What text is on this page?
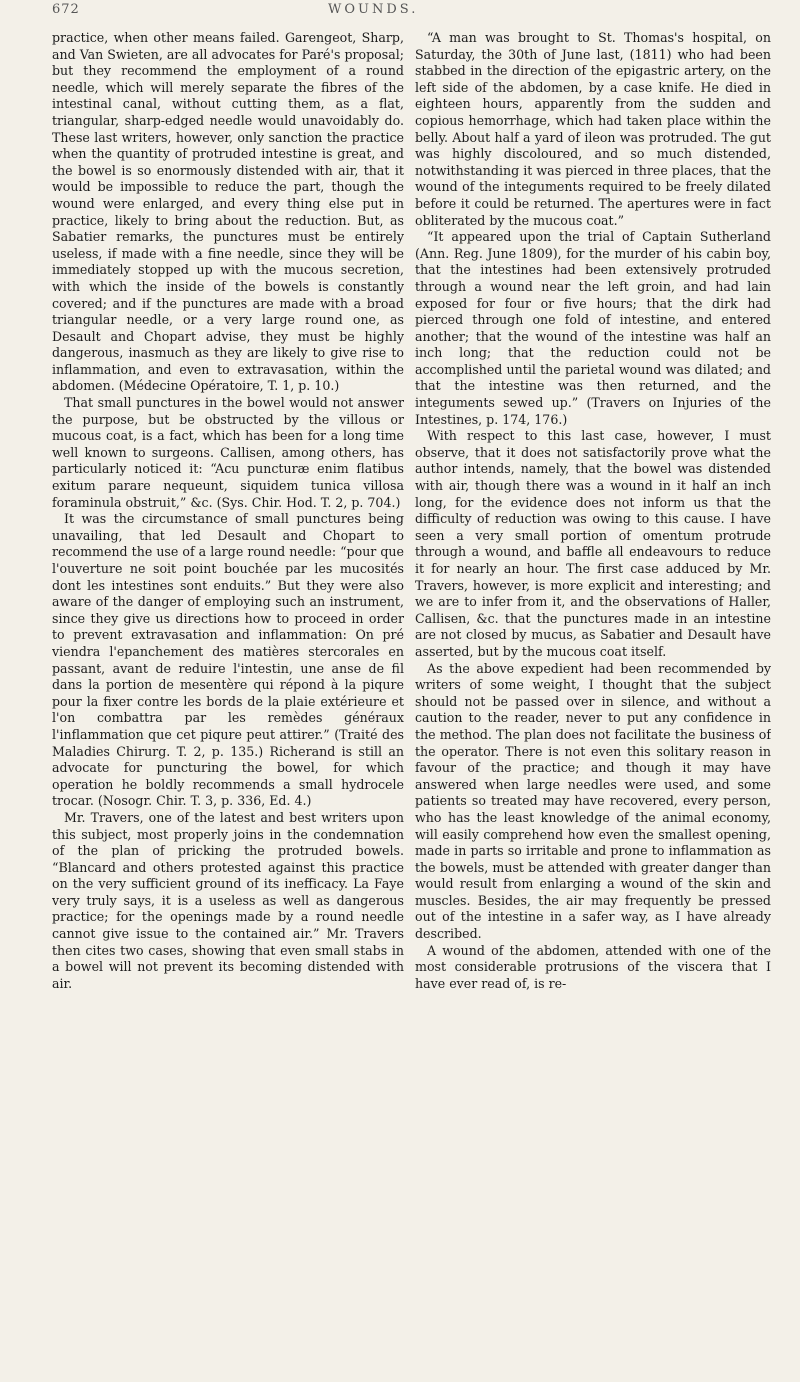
672	WOUNDS.

practice, when other means failed. Garengeot, Sharp, and Van Swieten, are all advocates for Paré's proposal; but they recommend the employment of a round needle, which will merely separate the fibres of the intestinal canal, without cutting them, as a flat, triangular, sharp-edged needle would unavoidably do. These last writers, however, only sanction the practice when the quantity of protruded intestine is great, and the bowel is so enormously distended with air, that it would be impossible to reduce the part, though the wound were enlarged, and every thing else put in practice, likely to bring about the reduction. But, as Sabatier remarks, the punctures must be entirely useless, if made with a fine needle, since they will be immediately stopped up with the mucous secretion, with which the inside of the bowels is constantly covered; and if the punctures are made with a broad triangular needle, or a very large round one, as Desault and Chopart advise, they must be highly dangerous, inasmuch as they are likely to give rise to inflammation, and even to extravasation, within the abdomen. (Médecine Opératoire, T. 1, p. 10.)

That small punctures in the bowel would not answer the purpose, but be obstructed by the villous or mucous coat, is a fact, which has been for a long time well known to surgeons. Callisen, among others, has particularly noticed it: “Acu puncturæ enim flatibus exitum parare nequeunt, siquidem tunica villosa foraminula obstruit,” &c. (Sys. Chir. Hod. T. 2, p. 704.)

It was the circumstance of small punctures being unavailing, that led Desault and Chopart to recommend the use of a large round needle: “pour que l'ouverture ne soit point bouchée par les mucosités dont les intestines sont enduits.” But they were also aware of the danger of employing such an instrument, since they give us directions how to proceed in order to prevent extravasation and inflammation: On pré viendra l'epanchement des matières stercorales en passant, avant de reduire l'intestin, une anse de fil dans la portion de mesentère qui répond à la piqure pour la fixer contre les bords de la plaie extérieure et l'on combattra par les remèdes généraux l'inflammation que cet piqure peut attirer.” (Traité des Maladies Chirurg. T. 2, p. 135.) Richerand is still an advocate for puncturing the bowel, for which operation he boldly recommends a small hydrocele trocar. (Nosogr. Chir. T. 3, p. 336, Ed. 4.)

Mr. Travers, one of the latest and best writers upon this subject, most properly joins in the condemnation of the plan of pricking the protruded bowels. “Blancard and others protested against this practice on the very sufficient ground of its inefficacy. La Faye very truly says, it is a useless as well as dangerous practice; for the openings made by a round needle cannot give issue to the contained air.” Mr. Travers then cites two cases, showing that even small stabs in a bowel will not prevent its becoming distended with air.

“A man was brought to St. Thomas's hospital, on Saturday, the 30th of June last, (1811) who had been stabbed in the direction of the epigastric artery, on the left side of the abdomen, by a case knife. He died in eighteen hours, apparently from the sudden and copious hemorrhage, which had taken place within the belly. About half a yard of ileon was protruded. The gut was highly discoloured, and so much distended, notwithstanding it was pierced in three places, that the wound of the integuments required to be freely dilated before it could be returned. The apertures were in fact obliterated by the mucous coat.”

“It appeared upon the trial of Captain Sutherland (Ann. Reg. June 1809), for the murder of his cabin boy, that the intestines had been extensively protruded through a wound near the left groin, and had lain exposed for four or five hours; that the dirk had pierced through one fold of intestine, and entered another; that the wound of the intestine was half an inch long; that the reduction could not be accomplished until the parietal wound was dilated; and that the intestine was then returned, and the integuments sewed up.” (Travers on Injuries of the Intestines, p. 174, 176.)

With respect to this last case, however, I must observe, that it does not satisfactorily prove what the author intends, namely, that the bowel was distended with air, though there was a wound in it half an inch long, for the evidence does not inform us that the difficulty of reduction was owing to this cause. I have seen a very small portion of omentum protrude through a wound, and baffle all endeavours to reduce it for nearly an hour. The first case adduced by Mr. Travers, however, is more explicit and interesting; and we are to infer from it, and the observations of Haller, Callisen, &c. that the punctures made in an intestine are not closed by mucus, as Sabatier and Desault have asserted, but by the mucous coat itself.

As the above expedient had been recommended by writers of some weight, I thought that the subject should not be passed over in silence, and without a caution to the reader, never to put any confidence in the method. The plan does not facilitate the business of the operator. There is not even this solitary reason in favour of the practice; and though it may have answered when large needles were used, and some patients so treated may have recovered, every person, who has the least knowledge of the animal economy, will easily comprehend how even the smallest opening, made in parts so irritable and prone to inflammation as the bowels, must be attended with greater danger than would result from enlarging a wound of the skin and muscles. Besides, the air may frequently be pressed out of the intestine in a safer way, as I have already described.

A wound of the abdomen, attended with one of the most considerable protrusions of the viscera that I have ever read of, is re-
